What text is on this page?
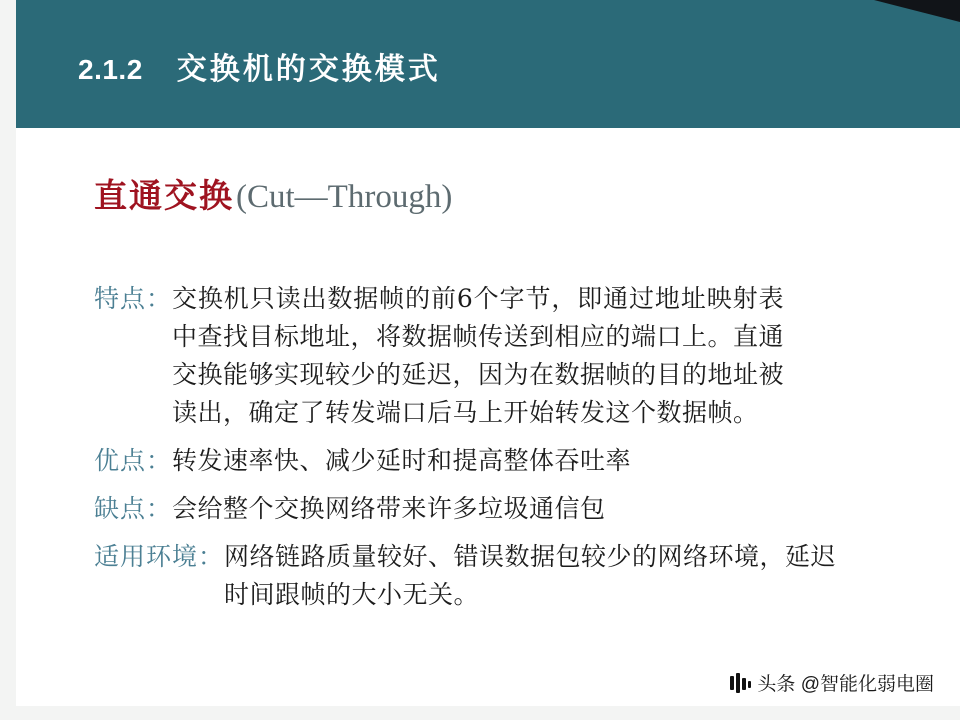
2.1.2 交换机的交换模式
直通交换 (Cut—Through)
特点： 交换机只读出数据帧的前6个字节，即通过地址映射表中查找目标地址，将数据帧传送到相应的端口上。直通交换能够实现较少的延迟，因为在数据帧的目的地址被读出，确定了转发端口后马上开始转发这个数据帧。
优点： 转发速率快、减少延时和提高整体吞吐率
缺点： 会给整个交换网络带来许多垃圾通信包
适用环境： 网络链路质量较好、错误数据包较少的网络环境，延迟时间跟帧的大小无关。
头条 @智能化弱电圈
